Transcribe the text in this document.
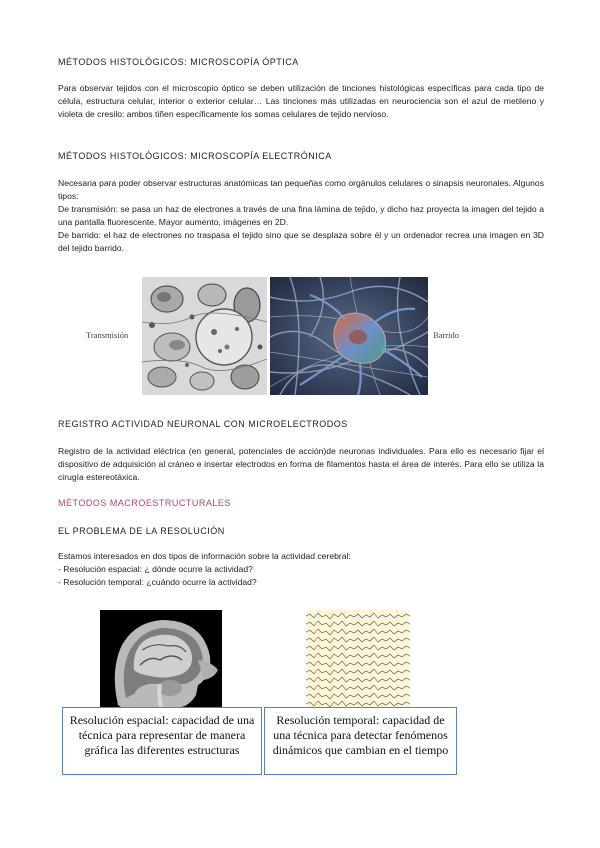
MÉTODOS HISTOLÓGICOS: MICROSCOPÍA ÓPTICA

Para observar tejidos con el microscopio óptico se deben utilización de tinciones histológicas específicas para cada tipo de célula, estructura celular, interior o exterior celular… Las tinciones más utilizadas en neurociencia son el azul de metileno y violeta de cresilo: ambos tiñen específicamente los somas celulares de tejido nervioso.

MÉTODOS HISTOLÓGICOS: MICROSCOPÍA ELECTRÓNICA

Necesaria para poder observar estructuras anatómicas tan pequeñas como orgánulos celulares o sinapsis neuronales. Algunos tipos:

De transmisión: se pasa un haz de electrones a través de una fina lámina de tejido, y dicho haz proyecta la imagen del tejido a una pantalla fluorescente. Mayor aumento, imágenes en 2D.

De barrido: el haz de electrones no traspasa el tejido sino que se desplaza sobre él y un ordenador recrea una imagen en 3D del tejido barrido.

Transmisión	Barrido
REGISTRO ACTIVIDAD NEURONAL CON MICROELECTRODOS

Registro de la actividad eléctrica (en general, potenciales de acción)de neuronas individuales. Para ello es necesario fijar el dispositivo de adquisición al cráneo e insertar electrodos en forma de filamentos hasta el área de interés. Para ello se utiliza la cirugía estereotáxica.

MÉTODOS MACROESTRUCTURALES
EL PROBLEMA DE LA RESOLUCIÓN

Estamos interesados en dos tipos de información sobre la actividad cerebral:

- Resolución espacial: ¿ dónde ocurre la actividad?

- Resolución temporal: ¿cuándo ocurre la actividad?

Resolución espacial: capacidad de una técnica para representar de manera gráfica las diferentes estructuras
Resolución temporal: capacidad de una técnica para detectar fenómenos dinámicos que cambian en el tiempo
